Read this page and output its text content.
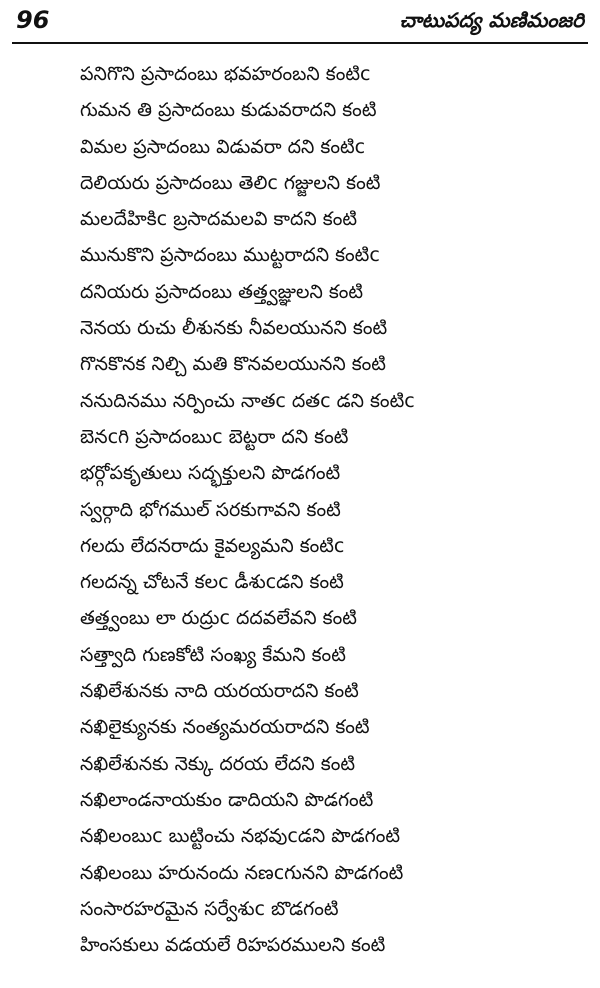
96	చాటుపద్య మణిమంజరి
పనిగొని ప్రసాదంబు భవహరంబని కంటిc
గుమన తి ప్రసాదంబు కుడువరాదని కంటి
విమల ప్రసాదంబు విడువరా దని కంటిc
దెలియరు ప్రసాదంబు తెలిc గజ్జులని కంటి
మలదేహికిc బ్రసాదమలవి కాదని కంటి
మునుకొని ప్రసాదంబు ముట్టరాదని కంటిc
దనియరు ప్రసాదంబు తత్త్వజ్ఞులని కంటి
నెనయ రుచు లీశునకు నీవలయునని కంటి
గొనకొనక నిల్చి మతి కొనవలయునని కంటి
ననుదినము నర్పించు నాతc దతc డని కంటిc
బెనcగి ప్రసాదంబుc బెట్టరా దని కంటి
భర్గోపకృతులు సద్భక్తులని పొడగంటి
స్వర్గాది భోగముల్ సరకుగావని కంటి
గలదు లేదనరాదు కైవల్యమని కంటిc
గలదన్న చోటనే కలc డీశుcడని కంటి
తత్త్వంబు లా రుద్రుc దదవలేవని కంటి
సత్త్వాది గుణకోటి సంఖ్య కేమని కంటి
నఖిలేశునకు నాది యరయరాదని కంటి
నఖిలైక్యునకు నంత్యమరయరాదని కంటి
నఖిలేశునకు నెక్కు దరయ లేదని కంటి
నఖిలాండనాయకుం డాదియని పొడగంటి
నఖిలంబుc బుట్టించు నభవుcడని పొడగంటి
నఖిలంబు హరునందు నణcగునని పొడగంటి
సంసారహరమైన సర్వేశుc బొడగంటి
హింసకులు వడయలే రిహపరములని కంటి
